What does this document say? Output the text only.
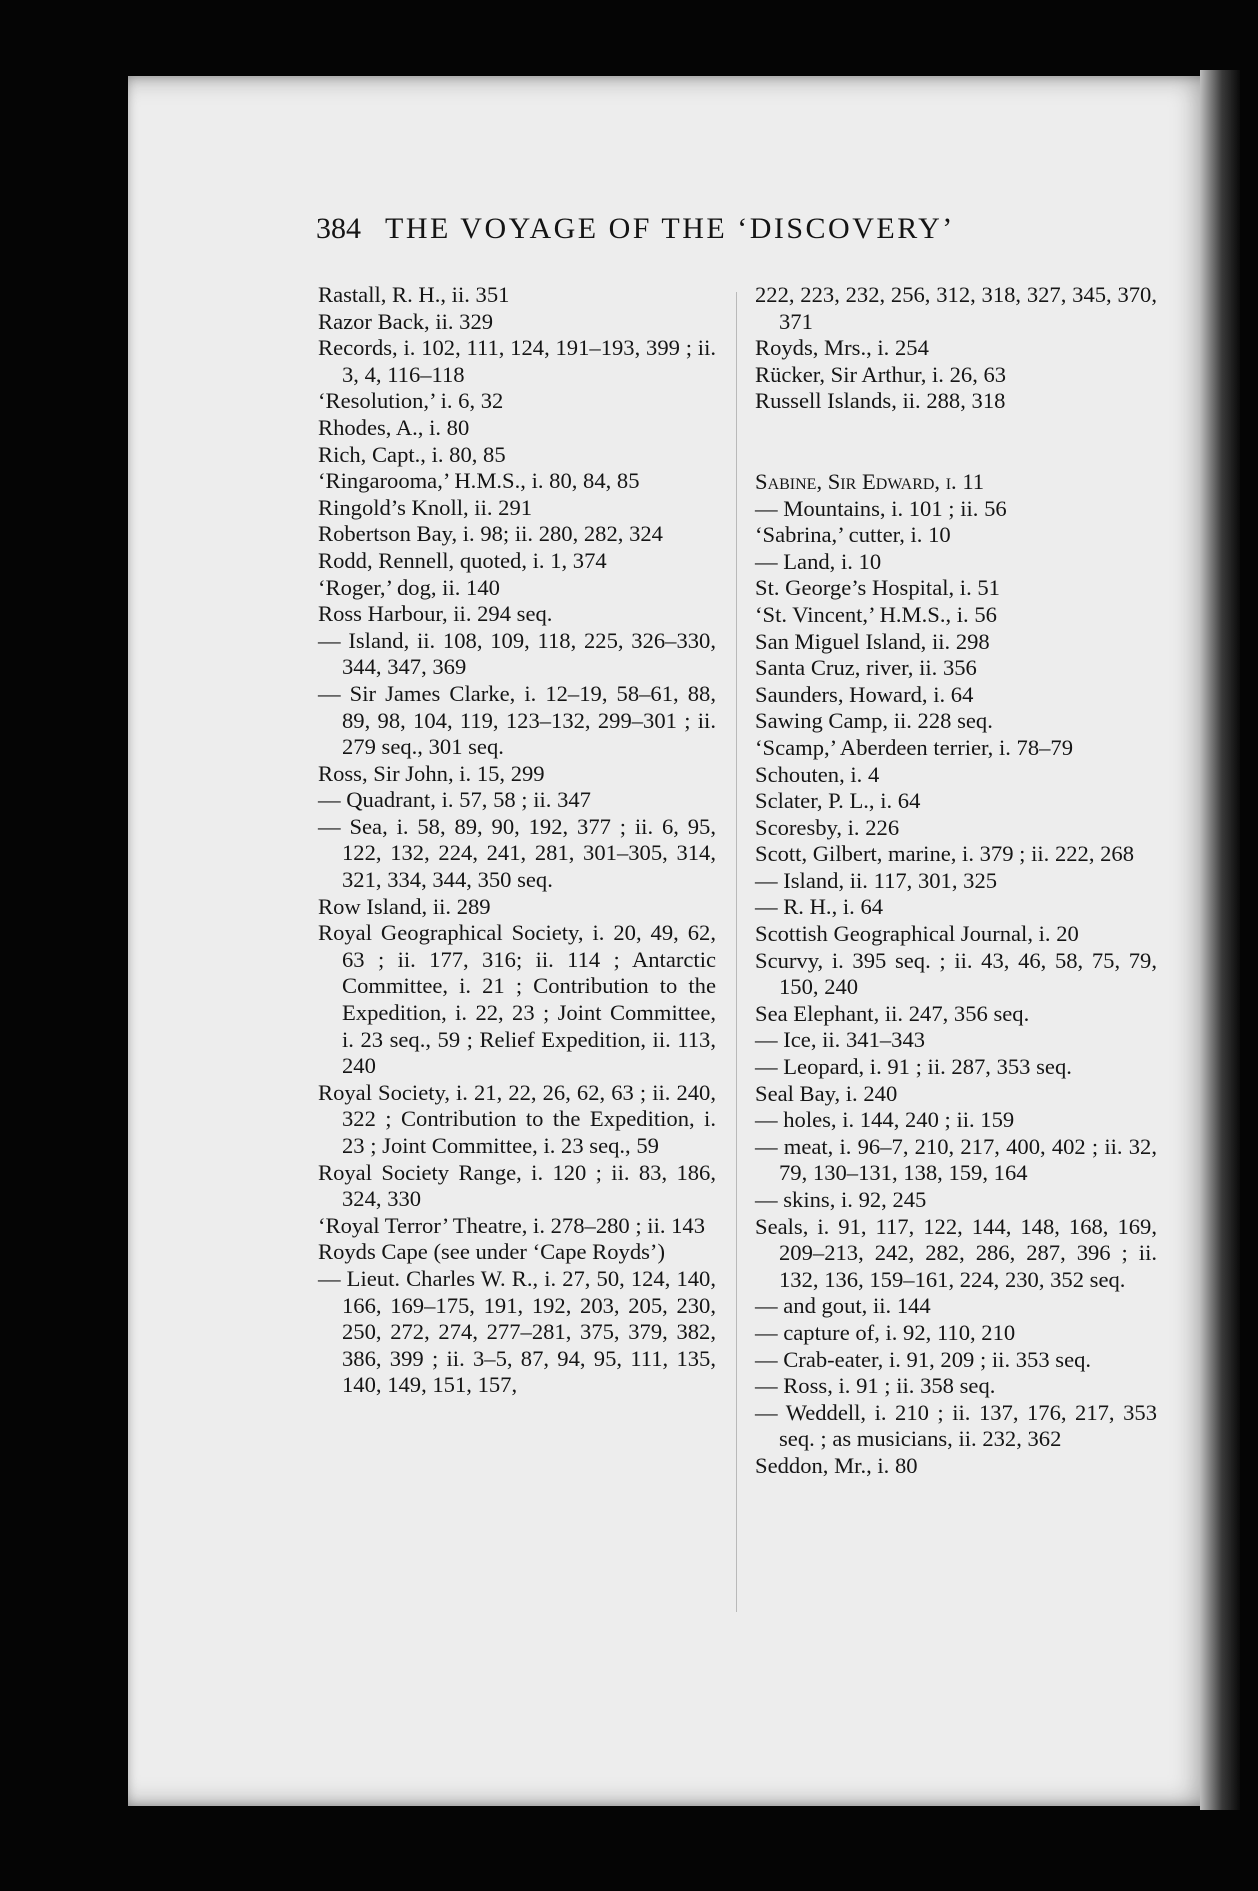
384 THE VOYAGE OF THE ‘DISCOVERY’

Rastall, R. H., ii. 351

Razor Back, ii. 329

Records, i. 102, 111, 124, 191–193, 399 ; ii. 3, 4, 116–118

‘Resolution,’ i. 6, 32

Rhodes, A., i. 80

Rich, Capt., i. 80, 85

‘Ringarooma,’ H.M.S., i. 80, 84, 85

Ringold’s Knoll, ii. 291

Robertson Bay, i. 98; ii. 280, 282, 324

Rodd, Rennell, quoted, i. 1, 374

‘Roger,’ dog, ii. 140

Ross Harbour, ii. 294 seq.

— Island, ii. 108, 109, 118, 225, 326–330, 344, 347, 369

— Sir James Clarke, i. 12–19, 58–61, 88, 89, 98, 104, 119, 123–132, 299–301 ; ii. 279 seq., 301 seq.

Ross, Sir John, i. 15, 299

— Quadrant, i. 57, 58 ; ii. 347

— Sea, i. 58, 89, 90, 192, 377 ; ii. 6, 95, 122, 132, 224, 241, 281, 301–305, 314, 321, 334, 344, 350 seq.

Row Island, ii. 289

Royal Geographical Society, i. 20, 49, 62, 63 ; ii. 177, 316; ii. 114 ; Antarctic Committee, i. 21 ; Contribution to the Expedition, i. 22, 23 ; Joint Committee, i. 23 seq., 59 ; Relief Expedition, ii. 113, 240

Royal Society, i. 21, 22, 26, 62, 63 ; ii. 240, 322 ; Contribution to the Expedition, i. 23 ; Joint Committee, i. 23 seq., 59

Royal Society Range, i. 120 ; ii. 83, 186, 324, 330

‘Royal Terror’ Theatre, i. 278–280 ; ii. 143

Royds Cape (see under ‘Cape Royds’)

— Lieut. Charles W. R., i. 27, 50, 124, 140, 166, 169–175, 191, 192, 203, 205, 230, 250, 272, 274, 277–281, 375, 379, 382, 386, 399 ; ii. 3–5, 87, 94, 95, 111, 135, 140, 149, 151, 157,

222, 223, 232, 256, 312, 318, 327, 345, 370, 371

Royds, Mrs., i. 254

Rücker, Sir Arthur, i. 26, 63

Russell Islands, ii. 288, 318

Sabine, Sir Edward, i. 11

— Mountains, i. 101 ; ii. 56

‘Sabrina,’ cutter, i. 10

— Land, i. 10

St. George’s Hospital, i. 51

‘St. Vincent,’ H.M.S., i. 56

San Miguel Island, ii. 298

Santa Cruz, river, ii. 356

Saunders, Howard, i. 64

Sawing Camp, ii. 228 seq.

‘Scamp,’ Aberdeen terrier, i. 78–79

Schouten, i. 4

Sclater, P. L., i. 64

Scoresby, i. 226

Scott, Gilbert, marine, i. 379 ; ii. 222, 268

— Island, ii. 117, 301, 325

— R. H., i. 64

Scottish Geographical Journal, i. 20

Scurvy, i. 395 seq. ; ii. 43, 46, 58, 75, 79, 150, 240

Sea Elephant, ii. 247, 356 seq.

— Ice, ii. 341–343

— Leopard, i. 91 ; ii. 287, 353 seq.

Seal Bay, i. 240

— holes, i. 144, 240 ; ii. 159

— meat, i. 96–7, 210, 217, 400, 402 ; ii. 32, 79, 130–131, 138, 159, 164

— skins, i. 92, 245

Seals, i. 91, 117, 122, 144, 148, 168, 169, 209–213, 242, 282, 286, 287, 396 ; ii. 132, 136, 159–161, 224, 230, 352 seq.

— and gout, ii. 144

— capture of, i. 92, 110, 210

— Crab-eater, i. 91, 209 ; ii. 353 seq.

— Ross, i. 91 ; ii. 358 seq.

— Weddell, i. 210 ; ii. 137, 176, 217, 353 seq. ; as musicians, ii. 232, 362

Seddon, Mr., i. 80
